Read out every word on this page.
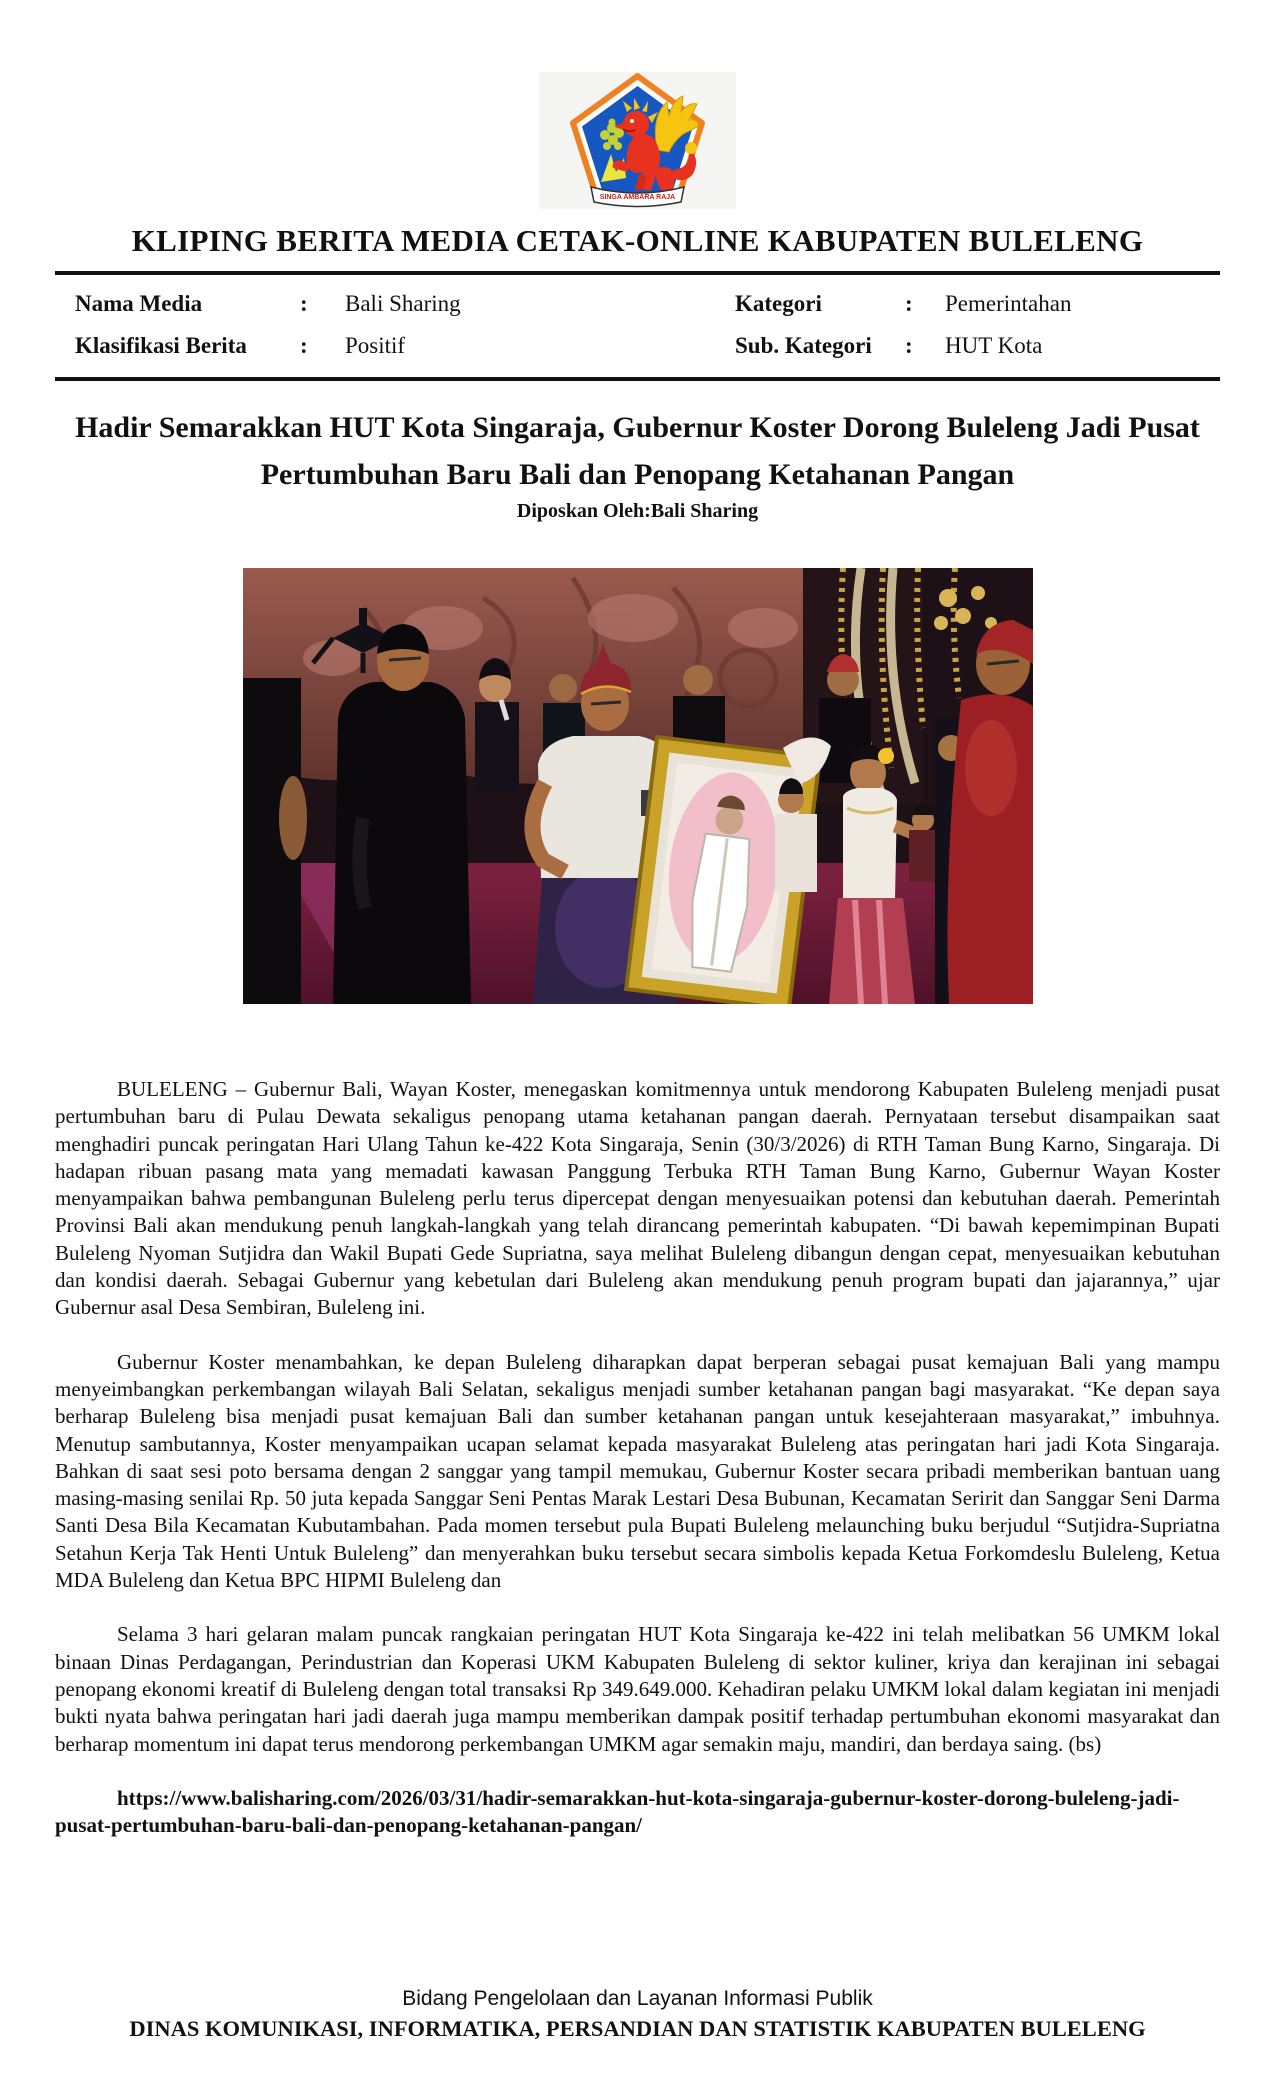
SINGA AMBARA RAJA
KLIPING BERITA MEDIA CETAK-ONLINE KABUPATEN BULELENG
Nama Media	:	Bali Sharing	Kategori	:	Pemerintahan
Klasifikasi Berita	:	Positif	Sub. Kategori	:	HUT Kota
Hadir Semarakkan HUT Kota Singaraja, Gubernur Koster Dorong Buleleng Jadi Pusat Pertumbuhan Baru Bali dan Penopang Ketahanan Pangan
Diposkan Oleh:Bali Sharing

BULELENG – Gubernur Bali, Wayan Koster, menegaskan komitmennya untuk mendorong Kabupaten Buleleng menjadi pusat pertumbuhan baru di Pulau Dewata sekaligus penopang utama ketahanan pangan daerah. Pernyataan tersebut disampaikan saat menghadiri puncak peringatan Hari Ulang Tahun ke-422 Kota Singaraja, Senin (30/3/2026) di RTH Taman Bung Karno, Singaraja. Di hadapan ribuan pasang mata yang memadati kawasan Panggung Terbuka RTH Taman Bung Karno, Gubernur Wayan Koster menyampaikan bahwa pembangunan Buleleng perlu terus dipercepat dengan menyesuaikan potensi dan kebutuhan daerah. Pemerintah Provinsi Bali akan mendukung penuh langkah-langkah yang telah dirancang pemerintah kabupaten. “Di bawah kepemimpinan Bupati Buleleng Nyoman Sutjidra dan Wakil Bupati Gede Supriatna, saya melihat Buleleng dibangun dengan cepat, menyesuaikan kebutuhan dan kondisi daerah. Sebagai Gubernur yang kebetulan dari Buleleng akan mendukung penuh program bupati dan jajarannya,” ujar Gubernur asal Desa Sembiran, Buleleng ini.

Gubernur Koster menambahkan, ke depan Buleleng diharapkan dapat berperan sebagai pusat kemajuan Bali yang mampu menyeimbangkan perkembangan wilayah Bali Selatan, sekaligus menjadi sumber ketahanan pangan bagi masyarakat. “Ke depan saya berharap Buleleng bisa menjadi pusat kemajuan Bali dan sumber ketahanan pangan untuk kesejahteraan masyarakat,” imbuhnya. Menutup sambutannya, Koster menyampaikan ucapan selamat kepada masyarakat Buleleng atas peringatan hari jadi Kota Singaraja. Bahkan di saat sesi poto bersama dengan 2 sanggar yang tampil memukau, Gubernur Koster secara pribadi memberikan bantuan uang masing-masing senilai Rp. 50 juta kepada Sanggar Seni Pentas Marak Lestari Desa Bubunan, Kecamatan Seririt dan Sanggar Seni Darma Santi Desa Bila Kecamatan Kubutambahan. Pada momen tersebut pula Bupati Buleleng melaunching buku berjudul “Sutjidra-Supriatna Setahun Kerja Tak Henti Untuk Buleleng” dan menyerahkan buku tersebut secara simbolis kepada Ketua Forkomdeslu Buleleng, Ketua MDA Buleleng dan Ketua BPC HIPMI Buleleng dan

Selama 3 hari gelaran malam puncak rangkaian peringatan HUT Kota Singaraja ke-422 ini telah melibatkan 56 UMKM lokal binaan Dinas Perdagangan, Perindustrian dan Koperasi UKM Kabupaten Buleleng di sektor kuliner, kriya dan kerajinan ini sebagai penopang ekonomi kreatif di Buleleng dengan total transaksi Rp 349.649.000. Kehadiran pelaku UMKM lokal dalam kegiatan ini menjadi bukti nyata bahwa peringatan hari jadi daerah juga mampu memberikan dampak positif terhadap pertumbuhan ekonomi masyarakat dan berharap momentum ini dapat terus mendorong perkembangan UMKM agar semakin maju, mandiri, dan berdaya saing. (bs)

https://www.balisharing.com/2026/03/31/hadir-semarakkan-hut-kota-singaraja-gubernur-koster-dorong-buleleng-jadi-pusat-pertumbuhan-baru-bali-dan-penopang-ketahanan-pangan/

Bidang Pengelolaan dan Layanan Informasi Publik
DINAS KOMUNIKASI, INFORMATIKA, PERSANDIAN DAN STATISTIK KABUPATEN BULELENG
